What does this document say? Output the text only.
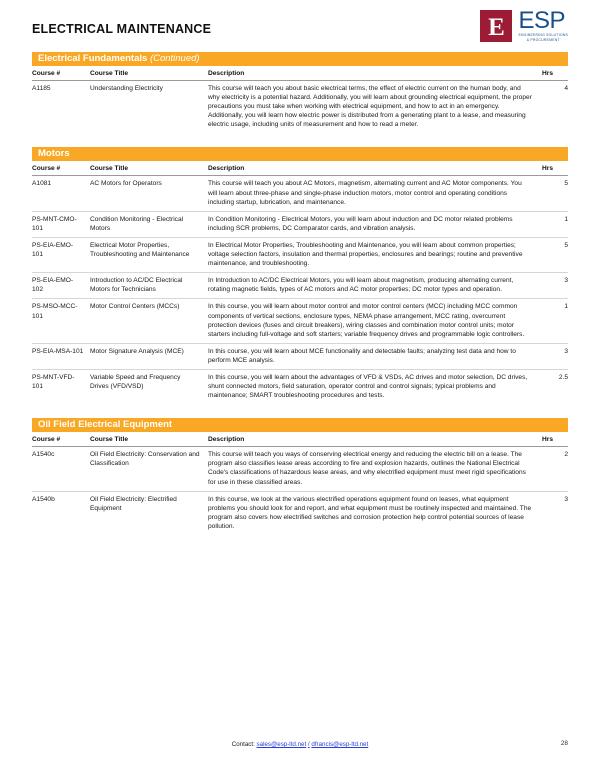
ELECTRICAL MAINTENANCE	E ESP
ENGINEERING SOLUTIONS
& PROCUREMENT
Electrical Fundamentals (Continued)
Course #	Course Title	Description	Hrs
A1185	Understanding Electricity	This course will teach you about basic electrical terms, the effect of electric current on the human body, and why electricity is a potential hazard. Additionally, you will learn about grounding electrical equipment, the proper precautions you must take when working with electrical equipment, and how to act in an emergency. Additionally, you will learn how electric power is distributed from a generating plant to a lease, and measuring electric usage, including units of measurement and how to read a meter.	4
Motors
Course #	Course Title	Description	Hrs
A1081	AC Motors for Operators	This course will teach you about AC Motors, magnetism, alternating current and AC Motor components. You will learn about three-phase and single-phase induction motors, motor control and operating conditions including startup, lubrication, and maintenance.	5
PS-MNT-CMO-101	Condition Monitoring - Electrical Motors	In Condition Monitoring - Electrical Motors, you will learn about induction and DC motor related problems including SCR problems, DC Comparator cards, and vibration analysis.	1
PS-EIA-EMO-101	Electrical Motor Properties, Troubleshooting and Maintenance	In Electrical Motor Properties, Troubleshooting and Maintenance, you will learn about common properties; voltage selection factors, insulation and thermal properties, enclosures and bearings; routine and preventive maintenance, and troubleshooting.	5
PS-EIA-EMO-102	Introduction to AC/DC Electrical Motors for Technicians	In Introduction to AC/DC Electrical Motors, you will learn about magnetism, producing alternating current, rotating magnetic fields, types of AC motors and AC motor properties; DC motor types and operation.	3
PS-MSO-MCC-101	Motor Control Centers (MCCs)	In this course, you will learn about motor control and motor control centers (MCC) including MCC common components of vertical sections, enclosure types, NEMA phase arrangement, MCC rating, overcurrent protection devices (fuses and circuit breakers), wiring classes and combination motor control units; motor starters including full-voltage and soft starters; variable frequency drives and programmable logic controllers.	1
PS-EIA-MSA-101	Motor Signature Analysis (MCE)	In this course, you will learn about MCE functionality and detectable faults; analyzing test data and how to perform MCE analysis.	3
PS-MNT-VFD-101	Variable Speed and Frequency Drives (VFD/VSD)	In this course, you will learn about the advantages of VFD & VSDs, AC drives and motor selection, DC drives, shunt connected motors, field saturation, operator control and control signals; typical problems and maintenance; SMART troubleshooting procedures and tests.	2.5
Oil Field Electrical Equipment
Course #	Course Title	Description	Hrs
A1540c	Oil Field Electricity: Conservation and Classification	This course will teach you ways of conserving electrical energy and reducing the electric bill on a lease. The program also classifies lease areas according to fire and explosion hazards, outlines the National Electrical Code's classifications of hazardous lease areas, and why electrified equipment must meet rigid specifications for use in these classified areas.	2
A1540b	Oil Field Electricity: Electrified Equipment	In this course, we look at the various electrified operations equipment found on leases, what equipment problems you should look for and report, and what equipment must be routinely inspected and maintained. The program also covers how electrified switches and corrosion protection help control potential sources of lease pollution.	3
Contact: sales@esp-ltd.net / dfrancis@esp-ltd.net	28
